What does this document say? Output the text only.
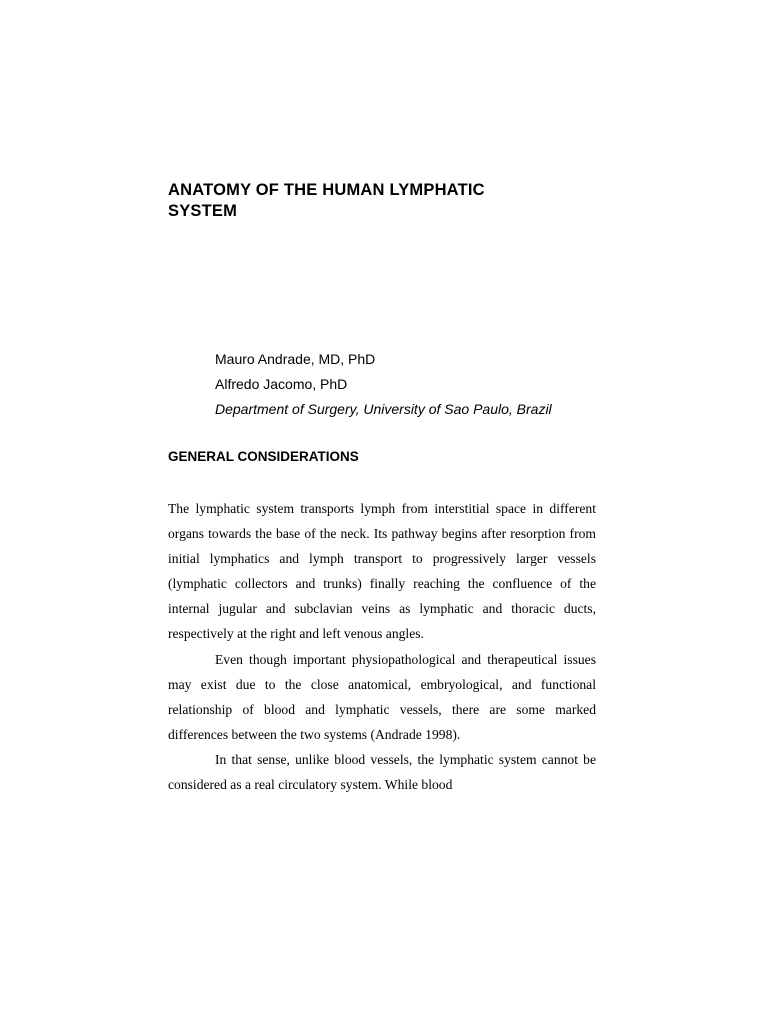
ANATOMY OF THE HUMAN LYMPHATIC
SYSTEM
Mauro Andrade, MD, PhD
Alfredo Jacomo, PhD
Department of Surgery, University of Sao Paulo, Brazil
GENERAL CONSIDERATIONS

The lymphatic system transports lymph from interstitial space in different organs towards the base of the neck. Its pathway begins after resorption from initial lymphatics and lymph transport to progressively larger vessels (lymphatic collectors and trunks) finally reaching the confluence of the internal jugular and subclavian veins as lymphatic and thoracic ducts, respectively at the right and left venous angles.

Even though important physiopathological and therapeutical issues may exist due to the close anatomical, embryological, and functional relationship of blood and lymphatic vessels, there are some marked differences between the two systems (Andrade 1998).

In that sense, unlike blood vessels, the lymphatic system cannot be considered as a real circulatory system. While blood
